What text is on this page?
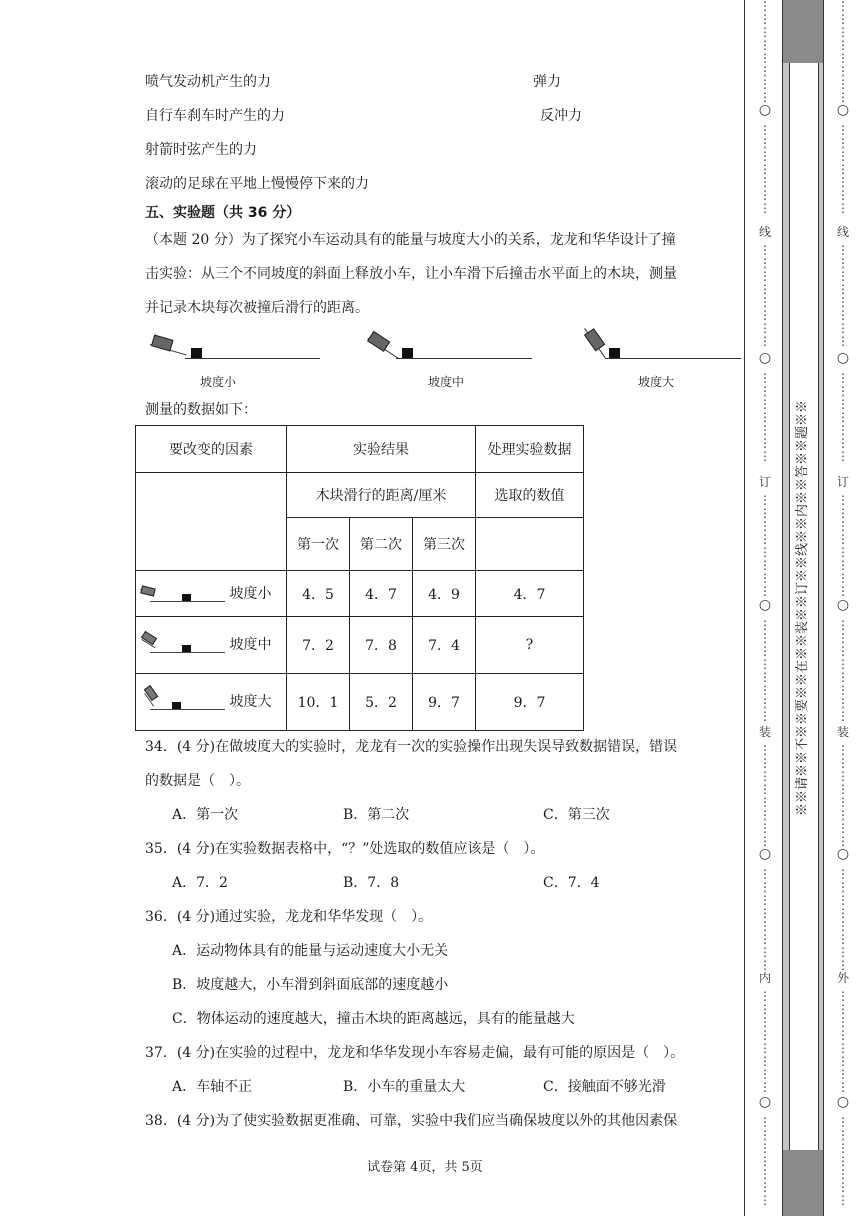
喷气发动机产生的力
自行车刹车时产生的力
射箭时弦产生的力
滚动的足球在平地上慢慢停下来的力
弹力
反冲力
五、实验题（共 36 分）
（本题 20 分）为了探究小车运动具有的能量与坡度大小的关系，龙龙和华华设计了撞
击实验：从三个不同坡度的斜面上释放小车，让小车滑下后撞击水平面上的木块，测量
并记录木块每次被撞后滑行的距离。
坡度小	坡度中	坡度大
测量的数据如下：
要改变的因素	实验结果			处理实验数据
	木块滑行的距离/厘米			选取的数值
	第一次	第二次	第三次	

坡度小	4．5	4．7	4．9	4．7

坡度中	7．2	7．8	7．4	?

坡度大	10．1	5．2	9．7	9．7
34．(4 分)在做坡度大的实验时，龙龙有一次的实验操作出现失误导致数据错误，错误
的数据是（　）。
A．第一次	B．第二次	C．第三次
35．(4 分)在实验数据表格中，“？”处选取的数值应该是（　）。
A．7．2	B．7．8	C．7．4
36．(4 分)通过实验，龙龙和华华发现（　）。
A．运动物体具有的能量与运动速度大小无关
B．坡度越大，小车滑到斜面底部的速度越小
C．物体运动的速度越大，撞击木块的距离越远，具有的能量越大
37．(4 分)在实验的过程中，龙龙和华华发现小车容易走偏，最有可能的原因是（　）。
A．车轴不正	B．小车的重量太大	C．接触面不够光滑
38．(4 分)为了使实验数据更准确、可靠，实验中我们应当确保坡度以外的其他因素保
试卷第 4页，共 5页
※※请※※不※※要※※在※※装※※订※※线※※内※※答※※题※※
⋮
⋮
⋮
⋮
⋮
⋮
⋮
⋮
○
⋮
⋮
⋮
⋮
⋮
⋮
⋮
线
⋮
⋮
⋮
⋮
⋮
⋮
⋮
⋮
○
⋮
⋮
⋮
⋮
⋮
⋮
⋮
订
⋮
⋮
⋮
⋮
⋮
⋮
⋮
⋮
○
⋮
⋮
⋮
⋮
⋮
⋮
⋮
⋮
装
⋮
⋮
⋮
⋮
⋮
⋮
⋮
⋮
○
⋮
⋮
⋮
⋮
⋮
⋮
⋮
⋮
内
⋮
⋮
⋮
⋮
⋮
⋮
⋮
⋮
○
⋮
⋮
⋮
⋮
⋮
⋮
⋮
⋮
⋮
⋮
⋮
⋮
⋮
⋮
⋮
○
⋮
⋮
⋮
⋮
⋮
⋮
⋮
线
⋮
⋮
⋮
⋮
⋮
⋮
⋮
⋮
○
⋮
⋮
⋮
⋮
⋮
⋮
⋮
订
⋮
⋮
⋮
⋮
⋮
⋮
⋮
⋮
○
⋮
⋮
⋮
⋮
⋮
⋮
⋮
⋮
装
⋮
⋮
⋮
⋮
⋮
⋮
⋮
⋮
○
⋮
⋮
⋮
⋮
⋮
⋮
⋮
⋮
外
⋮
⋮
⋮
⋮
⋮
⋮
⋮
⋮
○
⋮
⋮
⋮
⋮
⋮
⋮
⋮
